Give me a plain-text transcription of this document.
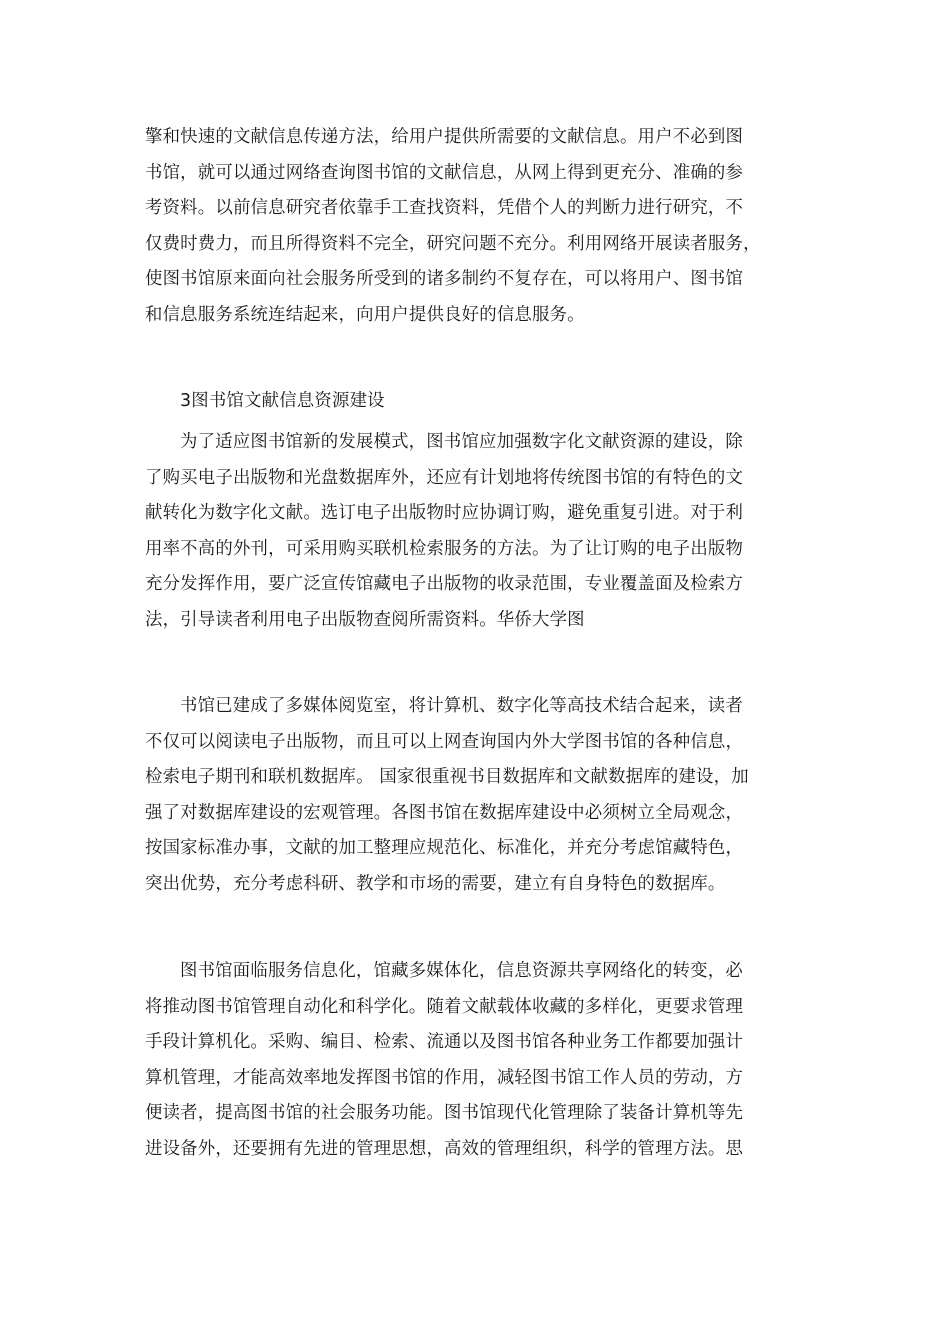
擎和快速的文献信息传递方法，给用户提供所需要的文献信息。用户不必到图
书馆，就可以通过网络查询图书馆的文献信息，从网上得到更充分、准确的参
考资料。以前信息研究者依靠手工查找资料，凭借个人的判断力进行研究，不
仅费时费力，而且所得资料不完全，研究问题不充分。利用网络开展读者服务，
使图书馆原来面向社会服务所受到的诸多制约不复存在，可以将用户、图书馆
和信息服务系统连结起来，向用户提供良好的信息服务。
3图书馆文献信息资源建设
为了适应图书馆新的发展模式，图书馆应加强数字化文献资源的建设，除
了购买电子出版物和光盘数据库外，还应有计划地将传统图书馆的有特色的文
献转化为数字化文献。选订电子出版物时应协调订购，避免重复引进。对于利
用率不高的外刊，可采用购买联机检索服务的方法。为了让订购的电子出版物
充分发挥作用，要广泛宣传馆藏电子出版物的收录范围，专业覆盖面及检索方
法，引导读者利用电子出版物查阅所需资料。华侨大学图
书馆已建成了多媒体阅览室，将计算机、数字化等高技术结合起来，读者
不仅可以阅读电子出版物，而且可以上网查询国内外大学图书馆的各种信息，
检索电子期刊和联机数据库。 国家很重视书目数据库和文献数据库的建设，加
强了对数据库建设的宏观管理。各图书馆在数据库建设中必须树立全局观念，
按国家标准办事，文献的加工整理应规范化、标准化，并充分考虑馆藏特色，
突出优势，充分考虑科研、教学和市场的需要，建立有自身特色的数据库。
图书馆面临服务信息化，馆藏多媒体化，信息资源共享网络化的转变，必
将推动图书馆管理自动化和科学化。随着文献载体收藏的多样化，更要求管理
手段计算机化。采购、编目、检索、流通以及图书馆各种业务工作都要加强计
算机管理，才能高效率地发挥图书馆的作用，减轻图书馆工作人员的劳动，方
便读者，提高图书馆的社会服务功能。图书馆现代化管理除了装备计算机等先
进设备外，还要拥有先进的管理思想，高效的管理组织，科学的管理方法。思
